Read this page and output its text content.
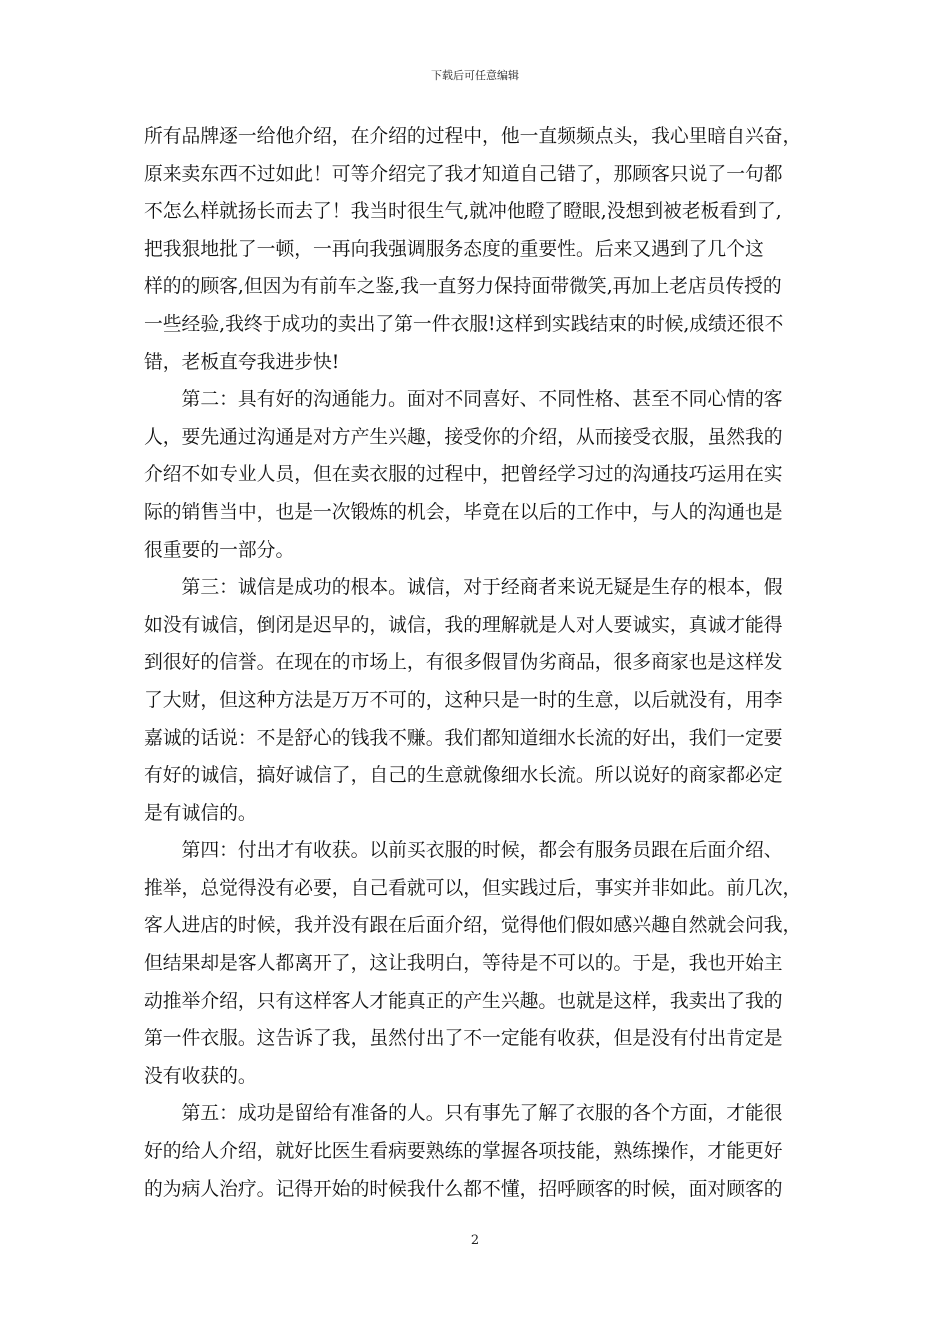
下载后可任意编辑

所有品牌逐一给他介绍，在介绍的过程中，他一直频频点头，我心里暗自兴奋，
原来卖东西不过如此！可等介绍完了我才知道自己错了，那顾客只说了一句都
不怎么样就扬长而去了！我当时很生气,就冲他瞪了瞪眼,没想到被老板看到了,
把我狠地批了一顿，一再向我强调服务态度的重要性。后来又遇到了几个这
样的的顾客,但因为有前车之鉴,我一直努力保持面带微笑,再加上老店员传授的
一些经验,我终于成功的卖出了第一件衣服!这样到实践结束的时候,成绩还很不
错，老板直夸我进步快!

　　第二：具有好的沟通能力。面对不同喜好、不同性格、甚至不同心情的客
人，要先通过沟通是对方产生兴趣，接受你的介绍，从而接受衣服，虽然我的
介绍不如专业人员，但在卖衣服的过程中，把曾经学习过的沟通技巧运用在实
际的销售当中，也是一次锻炼的机会，毕竟在以后的工作中，与人的沟通也是
很重要的一部分。

　　第三：诚信是成功的根本。诚信，对于经商者来说无疑是生存的根本，假
如没有诚信，倒闭是迟早的，诚信，我的理解就是人对人要诚实，真诚才能得
到很好的信誉。在现在的市场上，有很多假冒伪劣商品，很多商家也是这样发
了大财，但这种方法是万万不可的，这种只是一时的生意，以后就没有，用李
嘉诚的话说：不是舒心的钱我不赚。我们都知道细水长流的好出，我们一定要
有好的诚信，搞好诚信了，自己的生意就像细水长流。所以说好的商家都必定
是有诚信的。

　　第四：付出才有收获。以前买衣服的时候，都会有服务员跟在后面介绍、
推举，总觉得没有必要，自己看就可以，但实践过后，事实并非如此。前几次，
客人进店的时候，我并没有跟在后面介绍，觉得他们假如感兴趣自然就会问我，
但结果却是客人都离开了，这让我明白，等待是不可以的。于是，我也开始主
动推举介绍，只有这样客人才能真正的产生兴趣。也就是这样，我卖出了我的
第一件衣服。这告诉了我，虽然付出了不一定能有收获，但是没有付出肯定是
没有收获的。

　　第五：成功是留给有准备的人。只有事先了解了衣服的各个方面，才能很
好的给人介绍，就好比医生看病要熟练的掌握各项技能，熟练操作，才能更好
的为病人治疗。记得开始的时候我什么都不懂，招呼顾客的时候，面对顾客的

2
